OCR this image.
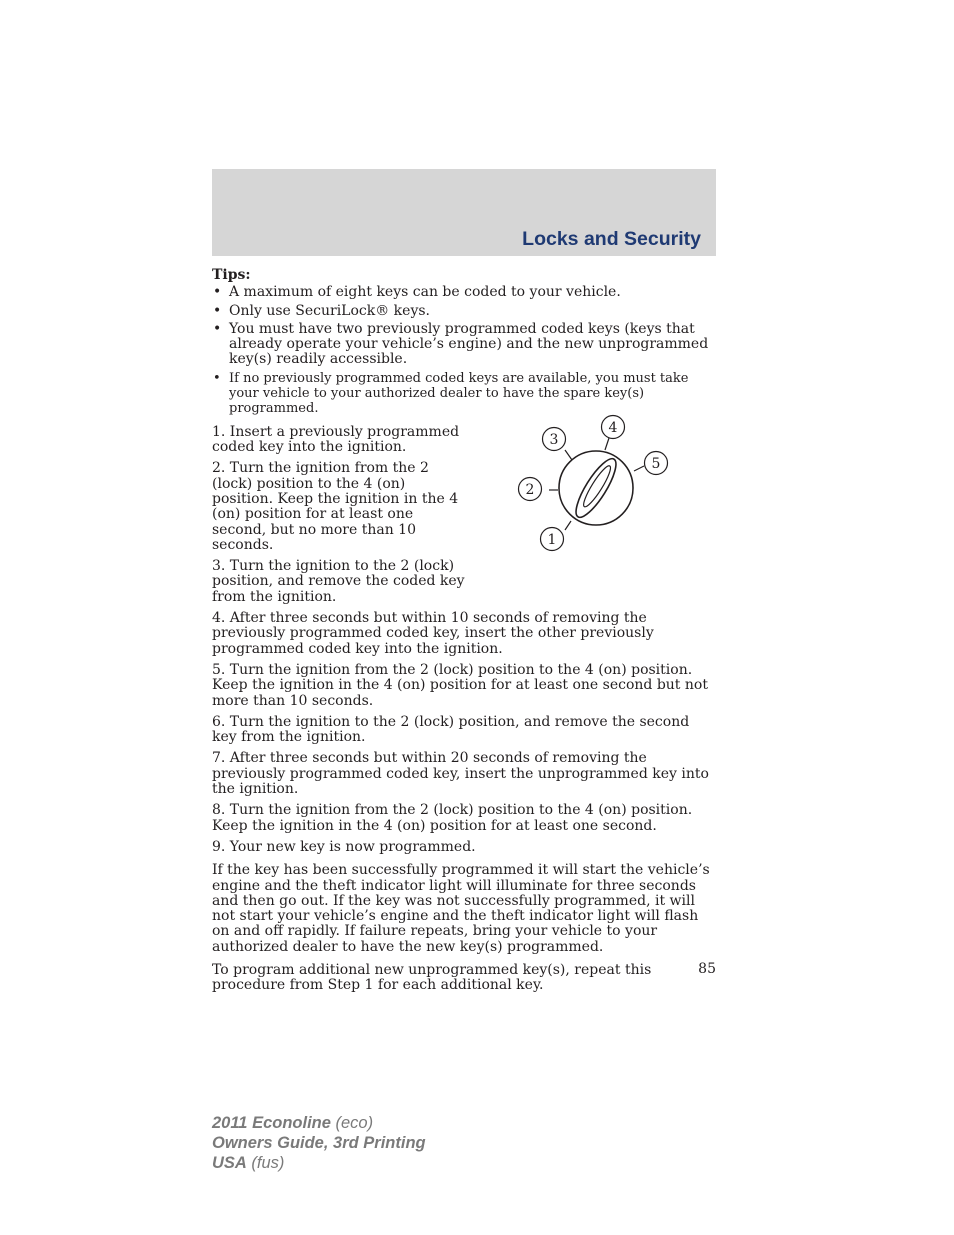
Locks and Security
Tips:
• A maximum of eight keys can be coded to your vehicle.
• Only use SecuriLock® keys.
• You must have two previously programmed coded keys (keys that already operate your vehicle’s engine) and the new unprogrammed key(s) readily accessible.
• If no previously programmed coded keys are available, you must take your vehicle to your authorized dealer to have the spare key(s) programmed.

1. Insert a previously programmed coded key into the ignition.

2. Turn the ignition from the 2 (lock) position to the 4 (on) position. Keep the ignition in the 4 (on) position for at least one second, but no more than 10 seconds.

3. Turn the ignition to the 2 (lock) position, and remove the coded key from the ignition.

4. After three seconds but within 10 seconds of removing the previously programmed coded key, insert the other previously programmed coded key into the ignition.

5. Turn the ignition from the 2 (lock) position to the 4 (on) position. Keep the ignition in the 4 (on) position for at least one second but not more than 10 seconds.

6. Turn the ignition to the 2 (lock) position, and remove the second key from the ignition.

7. After three seconds but within 20 seconds of removing the previously programmed coded key, insert the unprogrammed key into the ignition.

8. Turn the ignition from the 2 (lock) position to the 4 (on) position. Keep the ignition in the 4 (on) position for at least one second.

9. Your new key is now programmed.

If the key has been successfully programmed it will start the vehicle’s engine and the theft indicator light will illuminate for three seconds and then go out. If the key was not successfully programmed, it will not start your vehicle’s engine and the theft indicator light will flash on and off rapidly. If failure repeats, bring your vehicle to your authorized dealer to have the new key(s) programmed.

To program additional new unprogrammed key(s), repeat this procedure from Step 1 for each additional key.

1
2
3
4
5
85
2011 Econoline (eco)
Owners Guide, 3rd Printing
USA (fus)
